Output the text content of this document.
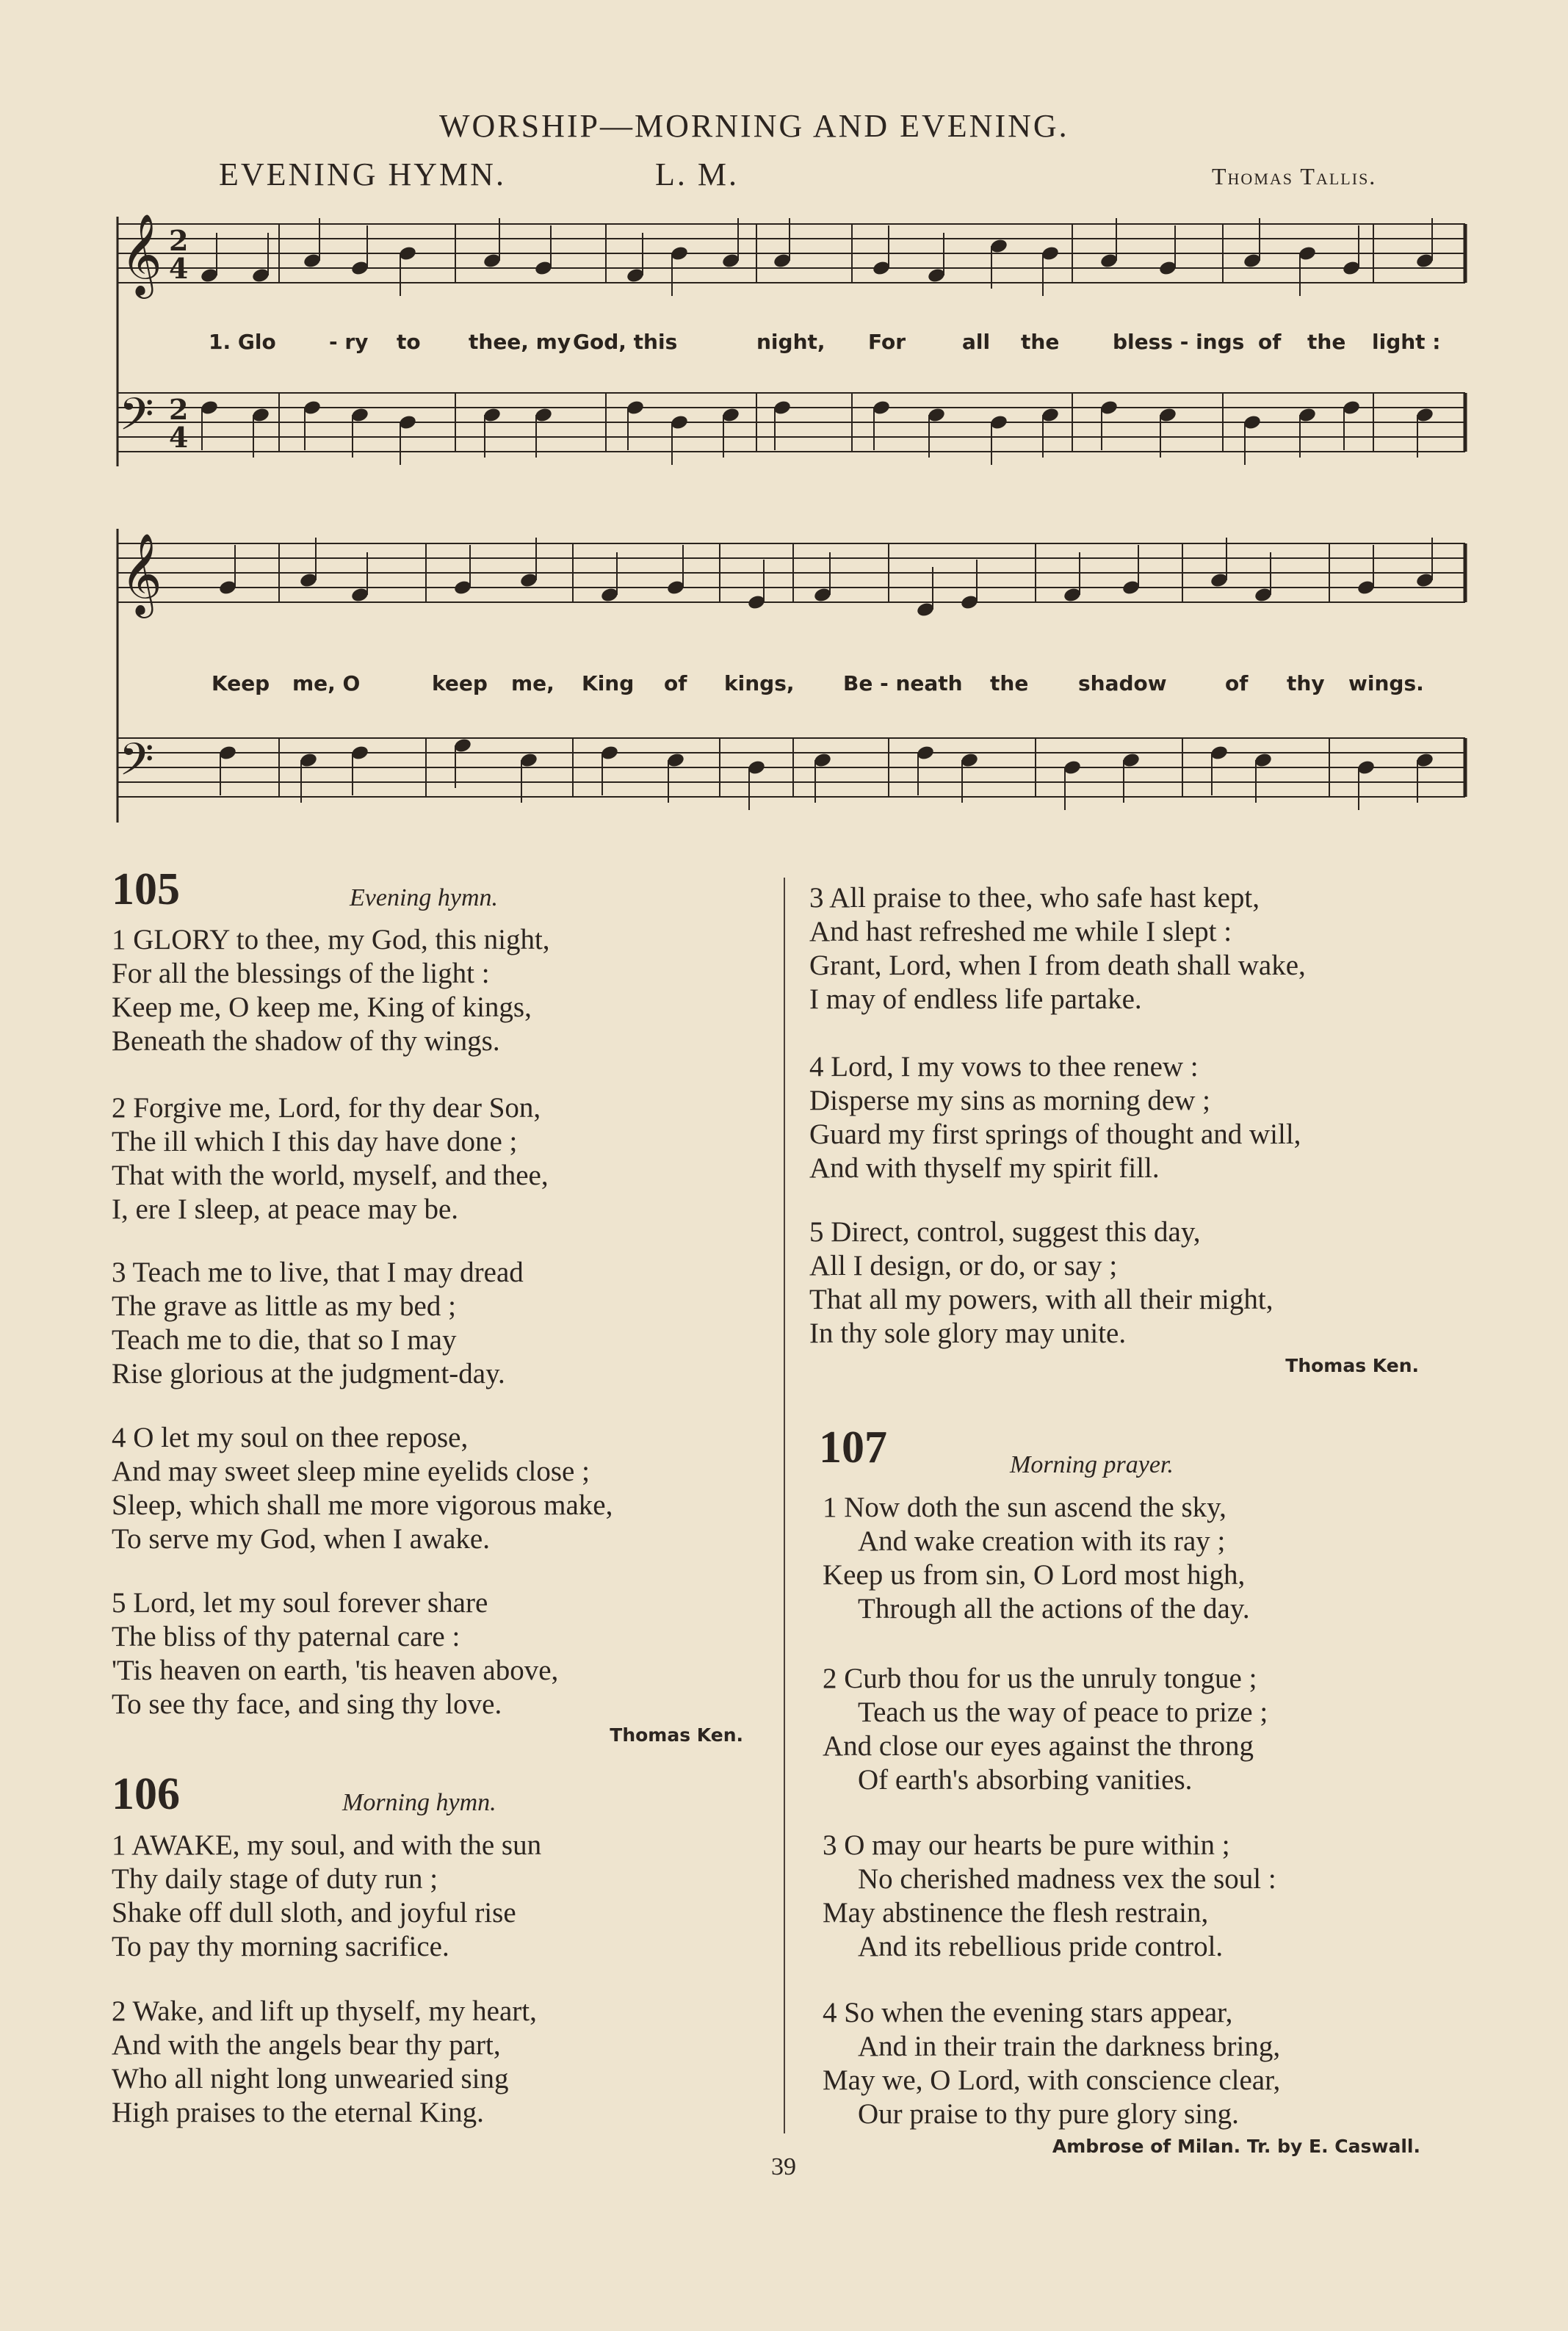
WORSHIP—MORNING AND EVENING.
EVENING HYMN.	L. M.	Thomas Tallis.
𝄞
𝄢
2
4
2
4
1. Glo	- ry to thee, my God, this	night, For	all the	bless - ings of the light :
𝄞
𝄢
Keep me, O	keep me, King of kings, Be - neath the shadow	of thy wings.
105	Evening hymn.
1 GLORY to thee, my God, this night,
For all the blessings of the light :
Keep me, O keep me, King of kings,
Beneath the shadow of thy wings.
2 Forgive me, Lord, for thy dear Son,
The ill which I this day have done ;
That with the world, myself, and thee,
I, ere I sleep, at peace may be.
3 Teach me to live, that I may dread
The grave as little as my bed ;
Teach me to die, that so I may
Rise glorious at the judgment-day.
4 O let my soul on thee repose,
And may sweet sleep mine eyelids close ;
Sleep, which shall me more vigorous make,
To serve my God, when I awake.
5 Lord, let my soul forever share
The bliss of thy paternal care :
'Tis heaven on earth, 'tis heaven above,
To see thy face, and sing thy love.
Thomas Ken.
106	Morning hymn.
1 AWAKE, my soul, and with the sun
Thy daily stage of duty run ;
Shake off dull sloth, and joyful rise
To pay thy morning sacrifice.
2 Wake, and lift up thyself, my heart,
And with the angels bear thy part,
Who all night long unwearied sing
High praises to the eternal King.
3 All praise to thee, who safe hast kept,
And hast refreshed me while I slept :
Grant, Lord, when I from death shall wake,
I may of endless life partake.
4 Lord, I my vows to thee renew :
Disperse my sins as morning dew ;
Guard my first springs of thought and will,
And with thyself my spirit fill.
5 Direct, control, suggest this day,
All I design, or do, or say ;
That all my powers, with all their might,
In thy sole glory may unite.
Thomas Ken.
107	Morning prayer.
1 Now doth the sun ascend the sky,
And wake creation with its ray ;
Keep us from sin, O Lord most high,
Through all the actions of the day.
2 Curb thou for us the unruly tongue ;
Teach us the way of peace to prize ;
And close our eyes against the throng
Of earth's absorbing vanities.
3 O may our hearts be pure within ;
No cherished madness vex the soul :
May abstinence the flesh restrain,
And its rebellious pride control.
4 So when the evening stars appear,
And in their train the darkness bring,
May we, O Lord, with conscience clear,
Our praise to thy pure glory sing.
Ambrose of Milan. Tr. by E. Caswall.
39
